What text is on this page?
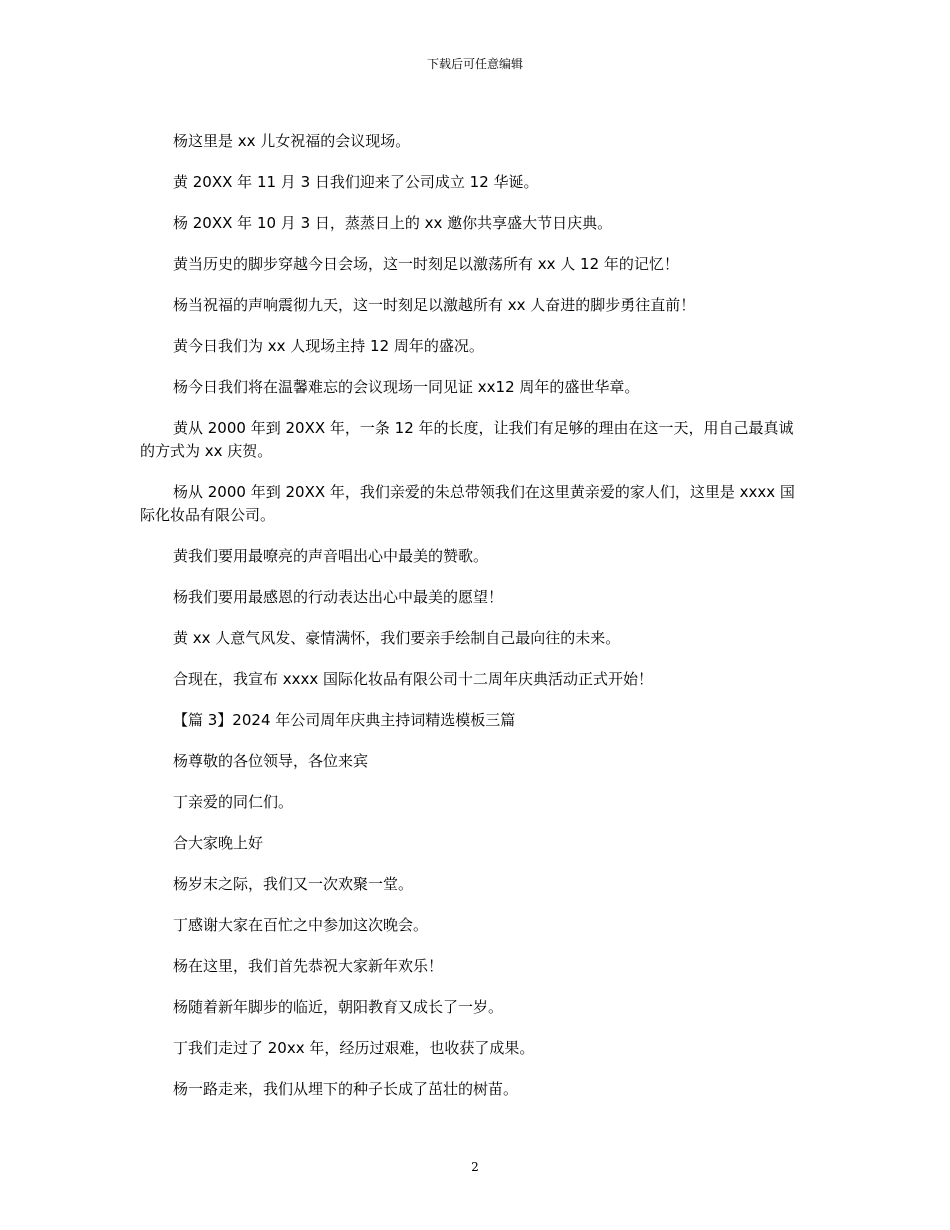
下载后可任意编辑

杨这里是 xx 儿女祝福的会议现场。

黄 20XX 年 11 月 3 日我们迎来了公司成立 12 华诞。

杨 20XX 年 10 月 3 日，蒸蒸日上的 xx 邀你共享盛大节日庆典。

黄当历史的脚步穿越今日会场，这一时刻足以激荡所有 xx 人 12 年的记忆！

杨当祝福的声响震彻九天，这一时刻足以激越所有 xx 人奋进的脚步勇往直前！

黄今日我们为 xx 人现场主持 12 周年的盛况。

杨今日我们将在温馨难忘的会议现场一同见证 xx12 周年的盛世华章。

黄从 2000 年到 20XX 年，一条 12 年的长度，让我们有足够的理由在这一天，用自己最真诚的方式为 xx 庆贺。

杨从 2000 年到 20XX 年，我们亲爱的朱总带领我们在这里黄亲爱的家人们，这里是 xxxx 国际化妆品有限公司。

黄我们要用最嘹亮的声音唱出心中最美的赞歌。

杨我们要用最感恩的行动表达出心中最美的愿望！

黄 xx 人意气风发、豪情满怀，我们要亲手绘制自己最向往的未来。

合现在，我宣布 xxxx 国际化妆品有限公司十二周年庆典活动正式开始！

【篇 3】2024 年公司周年庆典主持词精选模板三篇

杨尊敬的各位领导，各位来宾

丁亲爱的同仁们。

合大家晚上好

杨岁末之际，我们又一次欢聚一堂。

丁感谢大家在百忙之中参加这次晚会。

杨在这里，我们首先恭祝大家新年欢乐！

杨随着新年脚步的临近，朝阳教育又成长了一岁。

丁我们走过了 20xx 年，经历过艰难，也收获了成果。

杨一路走来，我们从埋下的种子长成了茁壮的树苗。

2
